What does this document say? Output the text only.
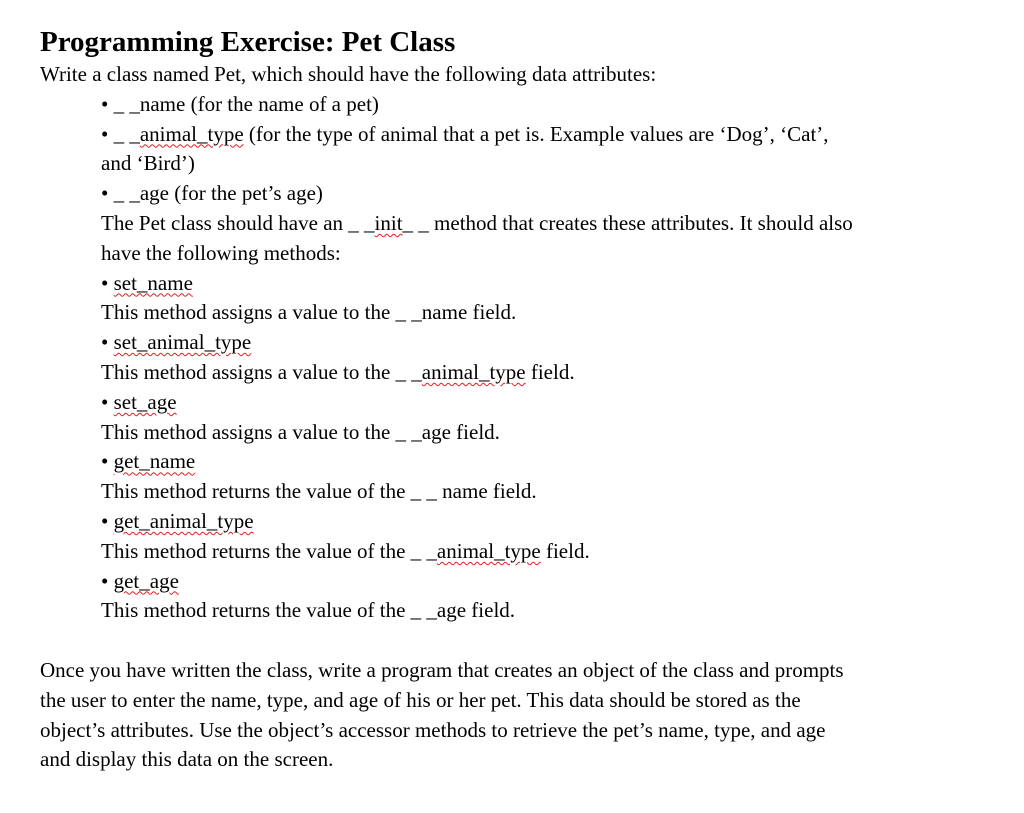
Programming Exercise: Pet Class
Write a class named Pet, which should have the following data attributes:
• _ _name (for the name of a pet)
• _ _animal_type (for the type of animal that a pet is. Example values are ‘Dog’, ‘Cat’,
and ‘Bird’)
• _ _age (for the pet’s age)
The Pet class should have an _ _init_ _ method that creates these attributes. It should also
have the following methods:
• set_name
This method assigns a value to the _ _name field.
• set_animal_type
This method assigns a value to the _ _animal_type field.
• set_age
This method assigns a value to the _ _age field.
• get_name
This method returns the value of the _ _ name field.
• get_animal_type
This method returns the value of the _ _animal_type field.
• get_age
This method returns the value of the _ _age field.
Once you have written the class, write a program that creates an object of the class and prompts
the user to enter the name, type, and age of his or her pet. This data should be stored as the
object’s attributes. Use the object’s accessor methods to retrieve the pet’s name, type, and age
and display this data on the screen.
